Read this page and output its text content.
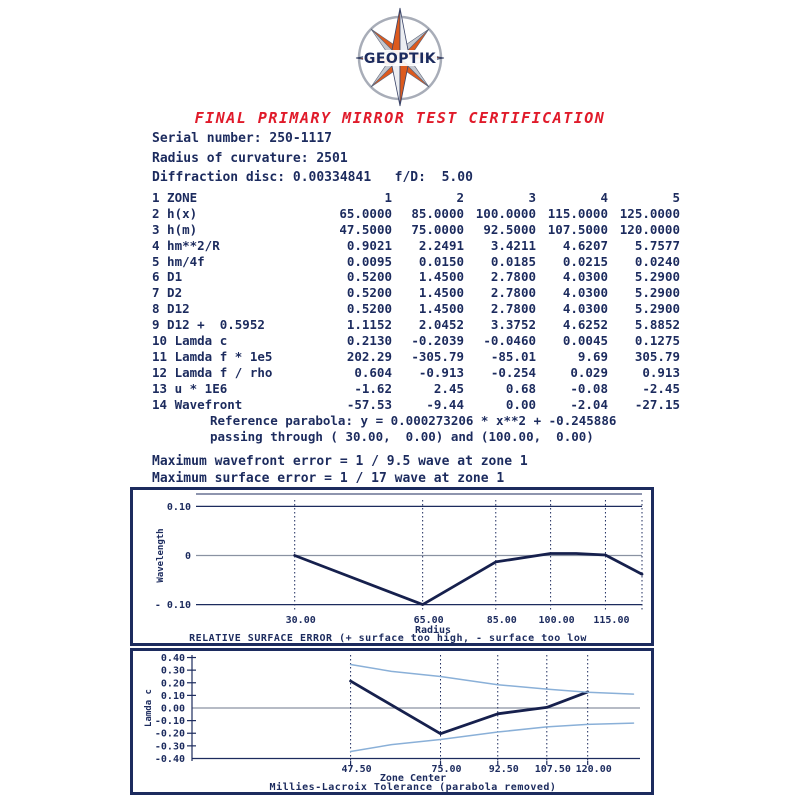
GEOPTIK
FINAL PRIMARY MIRROR TEST CERTIFICATION
Serial number: 250-1117
Radius of curvature: 2501
Diffraction disc: 0.00334841   f/D:  5.00
1 ZONE	1	2	3	4	5
2 h(x)	65.0000	85.0000 100.0000 115.0000 125.0000
3 h(m)	47.5000	75.0000	92.5000 107.5000 120.0000
4 hm**2/R	0.9021	2.2491	3.4211	4.6207	5.7577
5 hm/4f	0.0095	0.0150	0.0185	0.0215	0.0240
6 D1	0.5200	1.4500	2.7800	4.0300	5.2900
7 D2	0.5200	1.4500	2.7800	4.0300	5.2900
8 D12	0.5200	1.4500	2.7800	4.0300	5.2900
9 D12 +  0.5952	1.1152	2.0452	3.3752	4.6252	5.8852
10 Lamda c	0.2130	-0.2039	-0.0460	0.0045	0.1275
11 Lamda f * 1e5	202.29	-305.79	-85.01	9.69	305.79
12 Lamda f / rho	0.604	-0.913	-0.254	0.029	0.913
13 u * 1E6	-1.62	2.45	0.68	-0.08	-2.45
14 Wavefront	-57.53	-9.44	0.00	-2.04	-27.15
Reference parabola: y = 0.000273206 * x**2 + -0.245886
passing through ( 30.00,  0.00) and (100.00,  0.00)
Maximum wavefront error = 1 / 9.5 wave at zone 1
Maximum surface error = 1 / 17 wave at zone 1
0.10
0
- 0.10
30.00	65.00	85.00 100.00 115.00
Radius
RELATIVE SURFACE ERROR (+ surface too high, - surface too low
Wavelength
0.40
0.30
0.20
0.10
0.00
-0.10
-0.20
-0.30
-0.40
47.50	75.00	92.50 107.50 120.00
Zone Center
Millies-Lacroix Tolerance (parabola removed)
Lamda c
